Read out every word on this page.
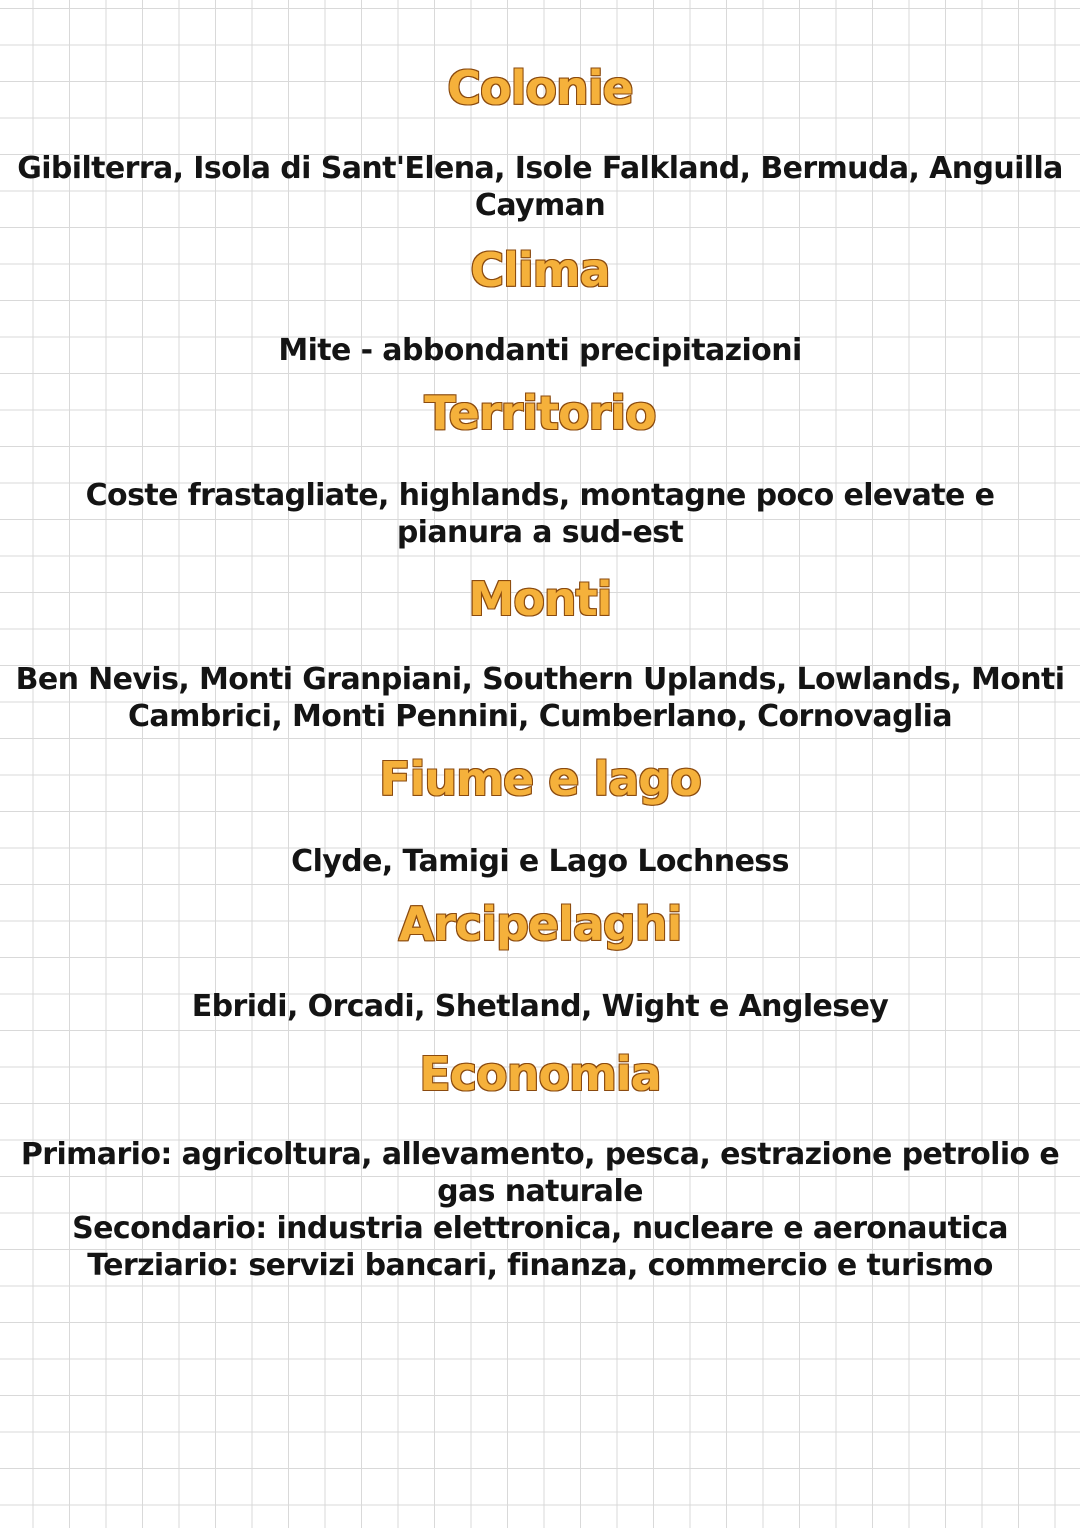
Colonie
Gibilterra, Isola di Sant'Elena, Isole Falkland, Bermuda, Anguilla
Cayman
Clima
Mite - abbondanti precipitazioni
Territorio
Coste frastagliate, highlands, montagne poco elevate e
pianura a sud-est
Monti
Ben Nevis, Monti Granpiani, Southern Uplands, Lowlands, Monti
Cambrici, Monti Pennini, Cumberlano, Cornovaglia
Fiume e lago
Clyde, Tamigi e Lago Lochness
Arcipelaghi
Ebridi, Orcadi, Shetland, Wight e Anglesey
Economia
Primario: agricoltura, allevamento, pesca, estrazione petrolio e
gas naturale
Secondario: industria elettronica, nucleare e aeronautica
Terziario: servizi bancari, finanza, commercio e turismo
